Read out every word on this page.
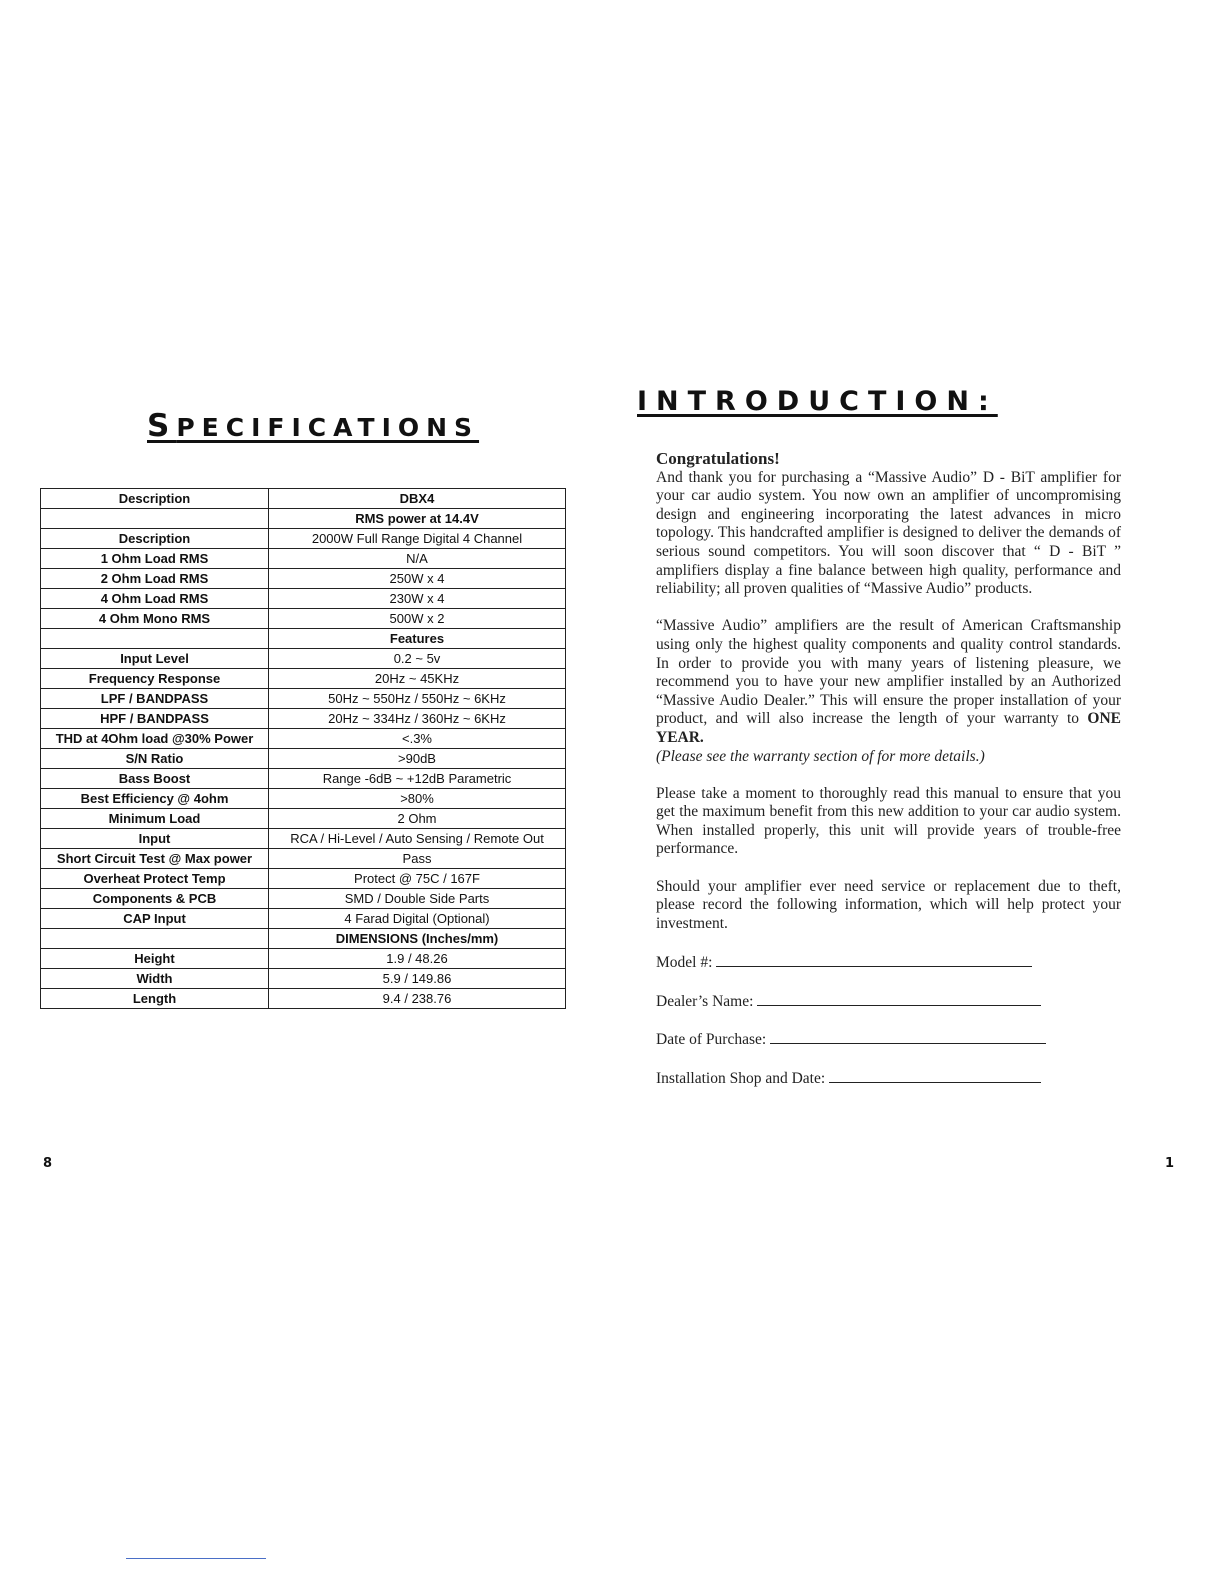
SPECIFICATIONS
Description	DBX4
	RMS power at 14.4V
Description	2000W Full Range Digital 4 Channel
1 Ohm Load RMS	N/A
2 Ohm Load RMS	250W x 4
4 Ohm Load RMS	230W x 4
4 Ohm Mono RMS	500W x 2
	Features
Input Level	0.2 ~ 5v
Frequency Response	20Hz ~ 45KHz
LPF / BANDPASS	50Hz ~ 550Hz / 550Hz ~ 6KHz
HPF / BANDPASS	20Hz ~ 334Hz / 360Hz ~ 6KHz
THD at 4Ohm load @30% Power	<.3%
S/N Ratio	>90dB
Bass Boost	Range -6dB ~ +12dB Parametric
Best Efficiency @ 4ohm	>80%
Minimum Load	2 Ohm
Input	RCA / Hi-Level / Auto Sensing / Remote Out
Short Circuit Test @ Max power	Pass
Overheat Protect Temp	Protect @ 75C / 167F
Components & PCB	SMD / Double Side Parts
CAP Input	4 Farad Digital (Optional)
	DIMENSIONS (Inches/mm)
Height	1.9 / 48.26
Width	5.9 / 149.86
Length	9.4 / 238.76
INTRODUCTION:

Congratulations!

And thank you for purchasing a “Massive Audio” D - BiT amplifier for your car audio system. You now own an amplifier of uncompromising design and engineering incorporating the latest advances in micro topology. This handcrafted amplifier is designed to deliver the demands of serious sound competitors. You will soon discover that “ D - BiT ” amplifiers display a fine balance between high quality, performance and reliability; all proven qualities of “Massive Audio” products.

“Massive Audio” amplifiers are the result of American Craftsmanship using only the highest quality components and quality control standards. In order to provide you with many years of listening pleasure, we recommend you to have your new amplifier installed by an Authorized “Massive Audio Dealer.” This will ensure the proper installation of your product, and will also increase the length of your warranty to ONE YEAR.
(Please see the warranty section of for more details.)

Please take a moment to thoroughly read this manual to ensure that you get the maximum benefit from this new addition to your car audio system. When installed properly, this unit will provide years of trouble-free performance.

Should your amplifier ever need service or replacement due to theft, please record the following information, which will help protect your investment.

Model #:
Dealer’s Name:
Date of Purchase:
Installation Shop and Date:
8	1
